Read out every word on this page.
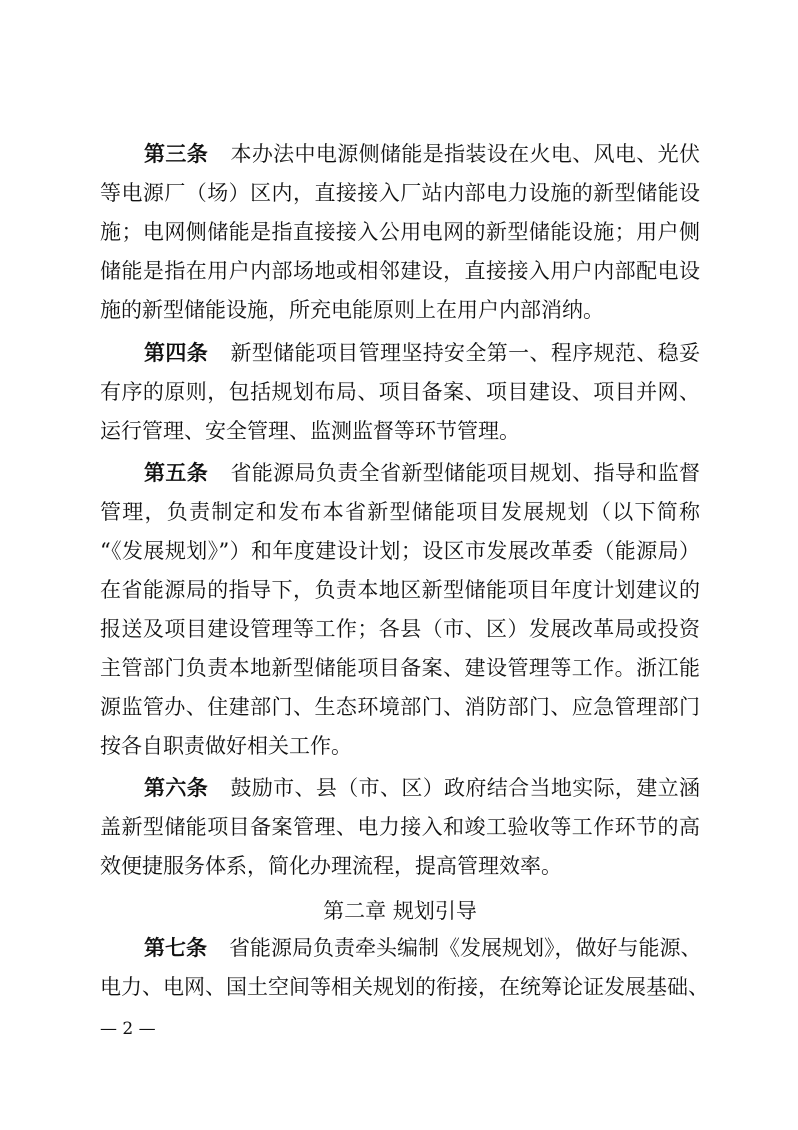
第三条 本办法中电源侧储能是指装设在火电、风电、光伏
等电源厂（场）区内，直接接入厂站内部电力设施的新型储能设
施；电网侧储能是指直接接入公用电网的新型储能设施；用户侧
储能是指在用户内部场地或相邻建设，直接接入用户内部配电设
施的新型储能设施，所充电能原则上在用户内部消纳。
第四条 新型储能项目管理坚持安全第一、程序规范、稳妥
有序的原则，包括规划布局、项目备案、项目建设、项目并网、
运行管理、安全管理、监测监督等环节管理。
第五条 省能源局负责全省新型储能项目规划、指导和监督
管理，负责制定和发布本省新型储能项目发展规划（以下简称
“《发展规划》”）和年度建设计划；设区市发展改革委（能源局）
在省能源局的指导下，负责本地区新型储能项目年度计划建议的
报送及项目建设管理等工作；各县（市、区）发展改革局或投资
主管部门负责本地新型储能项目备案、建设管理等工作。浙江能
源监管办、住建部门、生态环境部门、消防部门、应急管理部门
按各自职责做好相关工作。
第六条 鼓励市、县（市、区）政府结合当地实际，建立涵
盖新型储能项目备案管理、电力接入和竣工验收等工作环节的高
效便捷服务体系，简化办理流程，提高管理效率。
第二章 规划引导
第七条 省能源局负责牵头编制《发展规划》，做好与能源、
电力、电网、国土空间等相关规划的衔接，在统筹论证发展基础、
— 2 —
